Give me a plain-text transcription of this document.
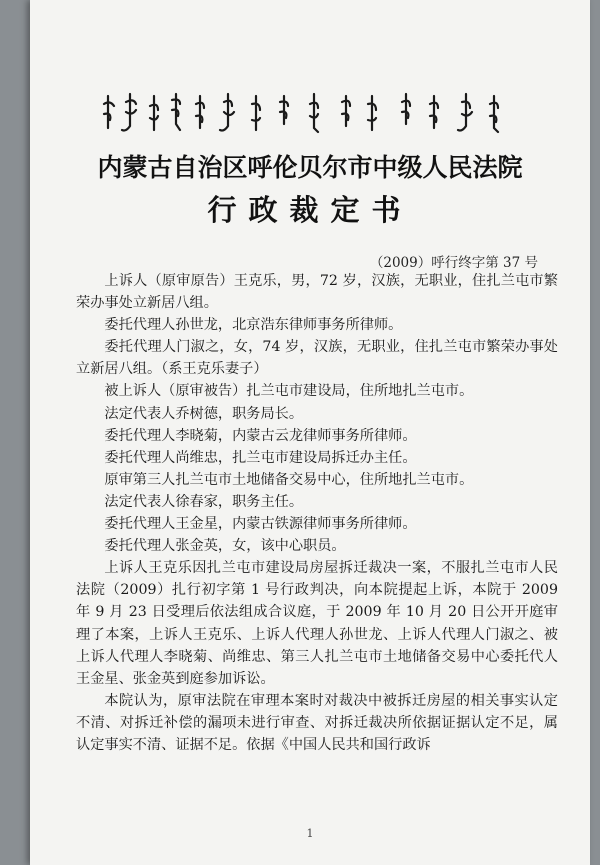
内蒙古自治区呼伦贝尔市中级人民法院
行政裁定书
（2009）呼行终字第 37 号

上诉人（原审原告）王克乐，男，72 岁，汉族，无职业，住扎兰屯市繁荣办事处立新居八组。

委托代理人孙世龙，北京浩东律师事务所律师。

委托代理人门淑之，女，74 岁，汉族，无职业，住扎兰屯市繁荣办事处立新居八组。（系王克乐妻子）

被上诉人（原审被告）扎兰屯市建设局，住所地扎兰屯市。

法定代表人乔树德，职务局长。

委托代理人李晓菊，内蒙古云龙律师事务所律师。

委托代理人尚维忠，扎兰屯市建设局拆迁办主任。

原审第三人扎兰屯市土地储备交易中心，住所地扎兰屯市。

法定代表人徐春家，职务主任。

委托代理人王金星，内蒙古铁源律师事务所律师。

委托代理人张金英，女，该中心职员。

上诉人王克乐因扎兰屯市建设局房屋拆迁裁决一案，不服扎兰屯市人民法院（2009）扎行初字第 1 号行政判决，向本院提起上诉，本院于 2009 年 9 月 23 日受理后依法组成合议庭，于 2009 年 10 月 20 日公开开庭审理了本案，上诉人王克乐、上诉人代理人孙世龙、上诉人代理人门淑之、被上诉人代理人李晓菊、尚维忠、第三人扎兰屯市土地储备交易中心委托代人王金星、张金英到庭参加诉讼。

本院认为，原审法院在审理本案时对裁决中被拆迁房屋的相关事实认定不清、对拆迁补偿的漏项未进行审查、对拆迁裁决所依据证据认定不足，属认定事实不清、证据不足。依据《中国人民共和国行政诉

1
